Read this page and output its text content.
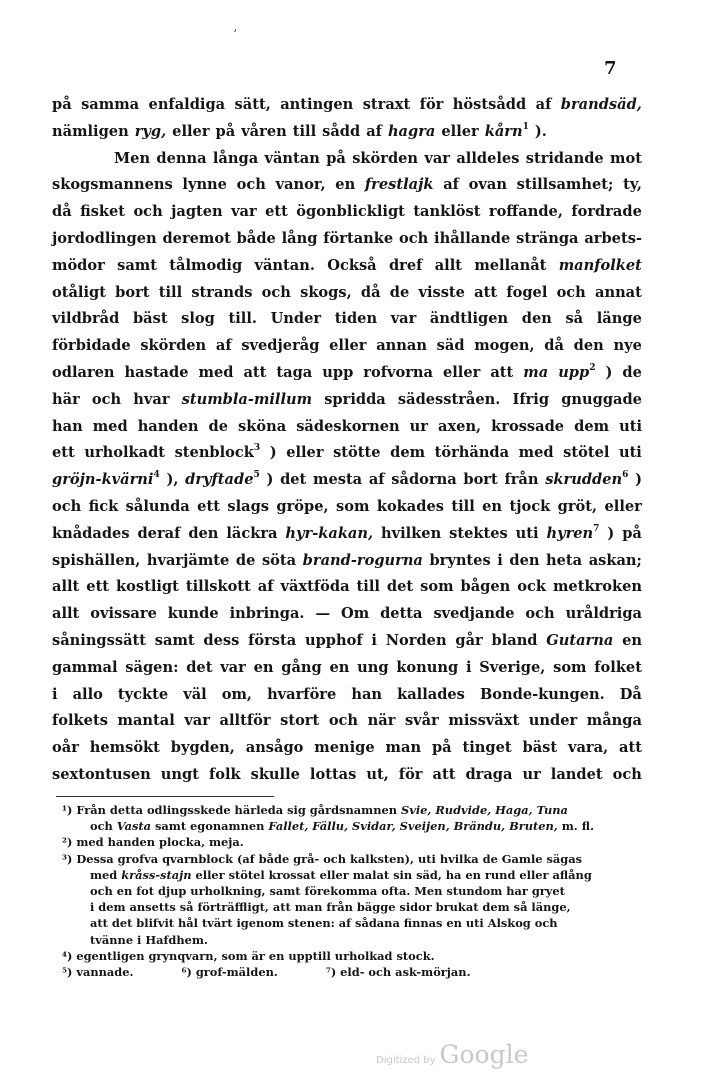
ʼ
7
på samma enfaldiga sätt, antingen straxt för höstsådd af brandsäd,
nämligen ryg, eller på våren till sådd af hagra eller kårn$^1$ ).
Men denna långa väntan på skörden var alldeles stridande mot
skogsmannens lynne och vanor, en frestlajk af ovan stillsamhet; ty,
då fisket och jagten var ett ögonblickligt tanklöst roffande, fordrade
jordodlingen deremot både lång förtanke och ihållande stränga arbets-
mödor samt tålmodig väntan. Också dref allt mellanåt manfolket
otåligt bort till strands och skogs, då de visste att fogel och annat
vildbråd bäst slog till. Under tiden var ändtligen den så länge
förbidade skörden af svedjeråg eller annan säd mogen, då den nye
odlaren hastade med att taga upp rofvorna eller att ma upp$^2$ ) de
här och hvar stumbla-millum spridda sädesstråen. Ifrig gnuggade
han med handen de sköna sädeskornen ur axen, krossade dem uti
ett urholkadt stenblock$^3$ ) eller stötte dem törhända med stötel uti
gröjn-kvärni$^4$ ), dryftade$^5$ ) det mesta af sådorna bort från skrudden$^6$ )
och fick sålunda ett slags gröpe, som kokades till en tjock gröt, eller
knådades deraf den läckra hyr-kakan, hvilken stektes uti hyren$^7$ ) på
spishällen, hvarjämte de söta brand-rogurna bryntes i den heta askan;
allt ett kostligt tillskott af växtföda till det som bågen ock metkroken
allt ovissare kunde inbringa. — Om detta svedjande och uråldriga
såningssätt samt dess första upphof i Norden går bland Gutarna en
gammal sägen: det var en gång en ung konung i Sverige, som folket
i allo tyckte väl om, hvarföre han kallades Bonde-kungen. Då
folkets mantal var alltför stort och när svår missväxt under många
oår hemsökt bygden, ansågo menige man på tinget bäst vara, att
sextontusen ungt folk skulle lottas ut, för att draga ur landet och
¹) Från detta odlingsskede härleda sig gårdsnamnen Svie, Rudvide, Haga, Tuna
och Vasta samt egonamnen Fallet, Fällu, Svidar, Sveijen, Brändu, Bruten, m. fl.
²) med handen plocka, meja.
³) Dessa grofva qvarnblock (af både grå- och kalksten), uti hvilka de Gamle sägas
med kråss-stajn eller stötel krossat eller malat sin säd, ha en rund eller aflång
och en fot djup urholkning, samt förekomma ofta. Men stundom har gryet
i dem ansetts så förträffligt, att man från bägge sidor brukat dem så länge,
att det blifvit hål tvärt igenom stenen: af sådana finnas en uti Alskog och
tvänne i Hafdhem.
⁴) egentligen grynqvarn, som är en upptill urholkad stock.
⁵) vannade.	⁶) grof-mälden.	⁷) eld- och ask-mörjan.
Digitized by Google
